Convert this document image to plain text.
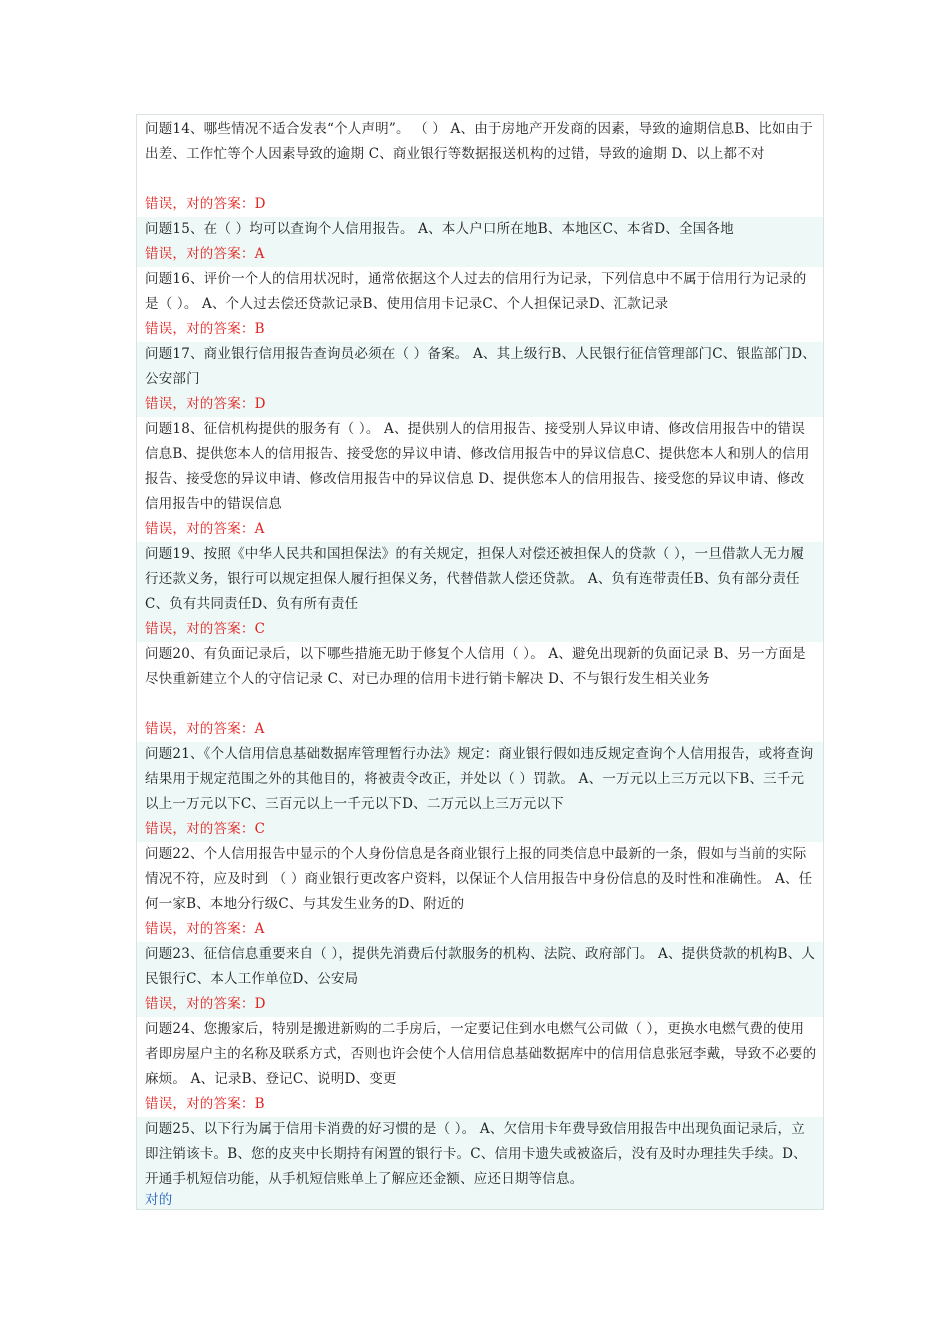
问题14、哪些情况不适合发表“个人声明”。 （ ） A、由于房地产开发商的因素，导致的逾期信息B、比如由于出差、工作忙等个人因素导致的逾期 C、商业银行等数据报送机构的过错，导致的逾期 D、以上都不对
错误，对的答案：D
问题15、在（ ）均可以查询个人信用报告。 A、本人户口所在地B、本地区C、本省D、全国各地
错误，对的答案：A
问题16、评价一个人的信用状况时，通常依据这个人过去的信用行为记录，下列信息中不属于信用行为记录的是（ ）。 A、个人过去偿还贷款记录B、使用信用卡记录C、个人担保记录D、汇款记录
错误，对的答案：B
问题17、商业银行信用报告查询员必须在（ ）备案。 A、其上级行B、人民银行征信管理部门C、银监部门D、公安部门
错误，对的答案：D
问题18、征信机构提供的服务有（ ）。 A、提供别人的信用报告、接受别人异议申请、修改信用报告中的错误信息B、提供您本人的信用报告、接受您的异议申请、修改信用报告中的异议信息C、提供您本人和别人的信用报告、接受您的异议申请、修改信用报告中的异议信息 D、提供您本人的信用报告、接受您的异议申请、修改信用报告中的错误信息
错误，对的答案：A
问题19、按照《中华人民共和国担保法》的有关规定，担保人对偿还被担保人的贷款（ ），一旦借款人无力履行还款义务，银行可以规定担保人履行担保义务，代替借款人偿还贷款。 A、负有连带责任B、负有部分责任C、负有共同责任D、负有所有责任
错误，对的答案：C
问题20、有负面记录后，以下哪些措施无助于修复个人信用（ ）。 A、避免出现新的负面记录 B、另一方面是尽快重新建立个人的守信记录 C、对已办理的信用卡进行销卡解决 D、不与银行发生相关业务
错误，对的答案：A
问题21、《个人信用信息基础数据库管理暂行办法》规定：商业银行假如违反规定查询个人信用报告，或将查询结果用于规定范围之外的其他目的，将被责令改正，并处以（ ）罚款。 A、一万元以上三万元以下B、三千元以上一万元以下C、三百元以上一千元以下D、二万元以上三万元以下
错误，对的答案：C
问题22、个人信用报告中显示的个人身份信息是各商业银行上报的同类信息中最新的一条，假如与当前的实际情况不符，应及时到 （ ）商业银行更改客户资料，以保证个人信用报告中身份信息的及时性和准确性。 A、任何一家B、本地分行级C、与其发生业务的D、附近的
错误，对的答案：A
问题23、征信信息重要来自（ ），提供先消费后付款服务的机构、法院、政府部门。 A、提供贷款的机构B、人民银行C、本人工作单位D、公安局
错误，对的答案：D
问题24、您搬家后，特别是搬进新购的二手房后，一定要记住到水电燃气公司做（ ），更换水电燃气费的使用者即房屋户主的名称及联系方式，否则也许会使个人信用信息基础数据库中的信用信息张冠李戴，导致不必要的麻烦。 A、记录B、登记C、说明D、变更
错误，对的答案：B
问题25、以下行为属于信用卡消费的好习惯的是（ ）。 A、欠信用卡年费导致信用报告中出现负面记录后，立即注销该卡。B、您的皮夹中长期持有闲置的银行卡。C、信用卡遗失或被盗后，没有及时办理挂失手续。D、开通手机短信功能，从手机短信账单上了解应还金额、应还日期等信息。
对的
